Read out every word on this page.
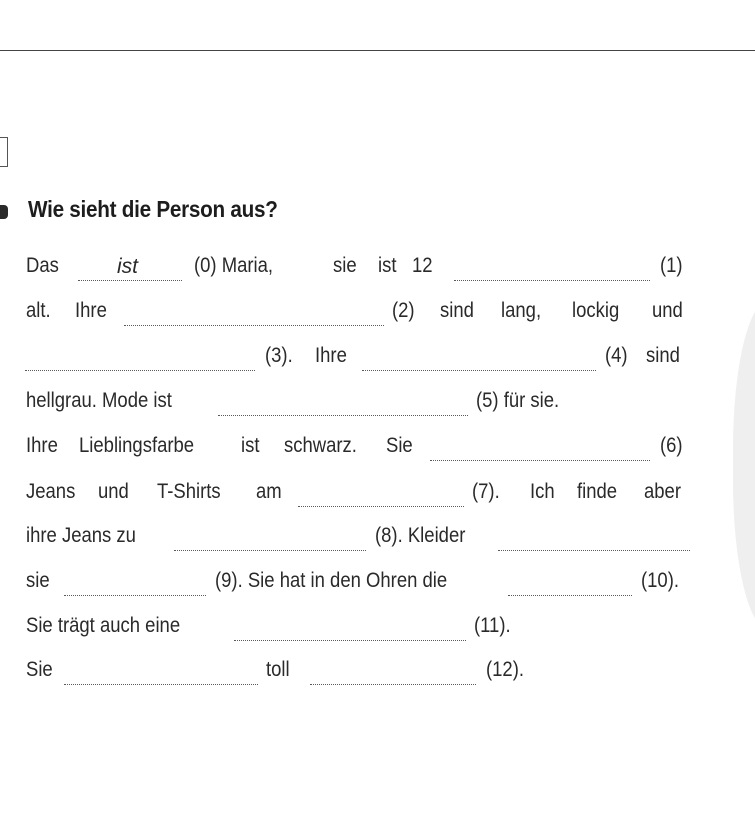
Wie sieht die Person aus?
Das	ist	(0) Maria,	sie ist 12	(1)
alt. Ihre	(2) sind lang, lockig und
(3). Ihre	(4) sind
hellgrau. Mode ist	(5) für sie.
Ihre Lieblingsfarbe ist schwarz. Sie	(6)
Jeans und T-Shirts am	(7). Ich finde aber
ihre Jeans zu	(8). Kleider
sie	(9). Sie hat in den Ohren die	(10).
Sie trägt auch eine	(11).
Sie	toll	(12).
